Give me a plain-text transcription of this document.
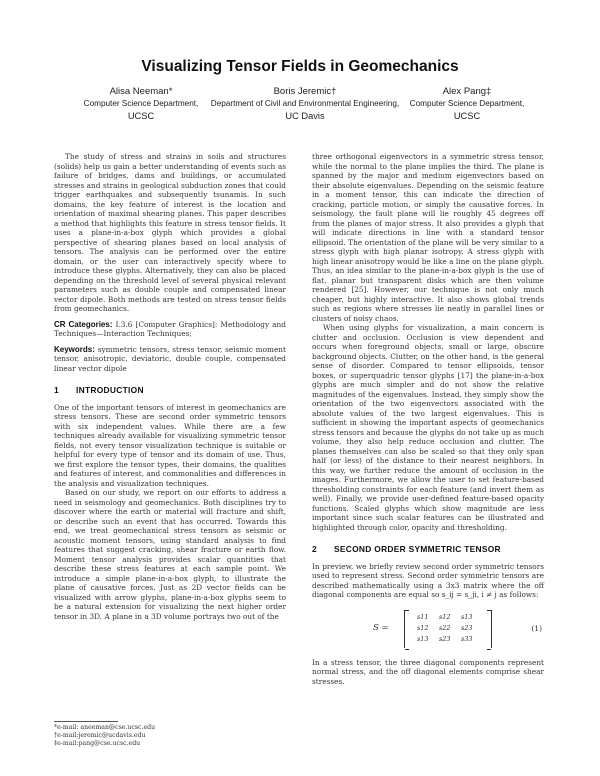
Visualizing Tensor Fields in Geomechanics
Alisa Neeman*
Computer Science Department,
UCSC
Boris Jeremic†
Department of Civil and Environmental Engineering,
UC Davis
Alex Pang‡
Computer Science Department,
UCSC

The study of stress and strains in soils and structures (solids) help us gain a better understanding of events such as failure of bridges, dams and buildings, or accumulated stresses and strains in geological subduction zones that could trigger earthquakes and subsequently tsunamis. In such domains, the key feature of interest is the location and orientation of maximal shearing planes. This paper describes a method that highlights this feature in stress tensor fields. It uses a plane-in-a-box glyph which provides a global perspective of shearing planes based on local analysis of tensors. The analysis can be performed over the entire domain, or the user can interactively specify where to introduce these glyphs. Alternatively, they can also be placed depending on the threshold level of several physical relevant parameters such as double couple and compensated linear vector dipole. Both methods are tested on stress tensor fields from geomechanics.

CR Categories: I.3.6 [Computer Graphics]: Methodology and Techniques—Interaction Techniques;

Keywords: symmetric tensors, stress tensor, seismic moment tensor, anisotropic, deviatoric, double couple, compensated linear vector dipole

1 INTRODUCTION

One of the important tensors of interest in geomechanics are stress tensors. These are second order symmetric tensors with six independent values. While there are a few techniques already available for visualizing symmetric tensor fields, not every tensor visualization technique is suitable or helpful for every type of tensor and its domain of use. Thus, we first explore the tensor types, their domains, the qualities and features of interest, and commonalities and differences in the analysis and visualization techniques.

Based on our study, we report on our efforts to address a need in seismology and geomechanics. Both disciplines try to discover where the earth or material will fracture and shift, or describe such an event that has occurred. Towards this end, we treat geomechanical stress tensors as seismic or acoustic moment tensors, using standard analysis to find features that suggest cracking, shear fracture or earth flow. Moment tensor analysis provides scalar quantities that describe these stress features at each sample point. We introduce a simple plane-in-a-box glyph, to illustrate the plane of causative forces. Just as 2D vector fields can be visualized with arrow glyphs, plane-in-a-box glyphs seem to be a natural extension for visualizing the next higher order tensor in 3D. A plane in a 3D volume portrays two out of the

*e-mail: aneeman@cse.ucsc.edu
†e-mail:jeremic@ucdavis.edu
‡e-mail:pang@cse.ucsc.edu

three orthogonal eigenvectors in a symmetric stress tensor, while the normal to the plane implies the third. The plane is spanned by the major and medium eigenvectors based on their absolute eigenvalues. Depending on the seismic feature in a moment tensor, this can indicate the direction of cracking, particle motion, or simply the causative forces. In seismology, the fault plane will lie roughly 45 degrees off from the planes of major stress. It also provides a glyph that will indicate directions in line with a standard tensor ellipsoid. The orientation of the plane will be very similar to a stress glyph with high planar isotropy. A stress glyph with high linear anisotropy would be like a line on the plane glyph. Thus, an idea similar to the plane-in-a-box glyph is the use of flat, planar but transparent disks which are then volume rendered [25]. However, our technique is not only much cheaper, but highly interactive. It also shows global trends such as regions where stresses lie neatly in parallel lines or clusters of noisy chaos.

When using glyphs for visualization, a main concern is clutter and occlusion. Occlusion is view dependent and occurs when foreground objects, small or large, obscure background objects. Clutter, on the other hand, is the general sense of disorder. Compared to tensor ellipsoids, tensor boxes, or superquadric tensor glyphs [17] the plane-in-a-box glyphs are much simpler and do not show the relative magnitudes of the eigenvalues. Instead, they simply show the orientation of the two eigenvectors associated with the absolute values of the two largest eigenvalues. This is sufficient in showing the important aspects of geomechanics stress tensors and because the glyphs do not take up as much volume, they also help reduce occlusion and clutter. The planes themselves can also be scaled so that they only span half (or less) of the distance to their nearest neighbors. In this way, we further reduce the amount of occlusion in the images. Furthermore, we allow the user to set feature-based thresholding constraints for each feature (and invert them as well). Finally, we provide user-defined feature-based opacity functions. Scaled glyphs which show magnitude are less important since such scalar features can be illustrated and highlighted through color, opacity and thresholding.

2 SECOND ORDER SYMMETRIC TENSOR

In preview, we briefly review second order symmetric tensors used to represent stress. Second order symmetric tensors are described mathematically using a 3x3 matrix where the off diagonal components are equal so s_ij = s_ji, i ≠ j as follows:

S =
s11 s12 s13
s12 s22 s23
s13 s23 s33
(1)

In a stress tensor, the three diagonal components represent normal stress, and the off diagonal elements comprise shear stresses.
